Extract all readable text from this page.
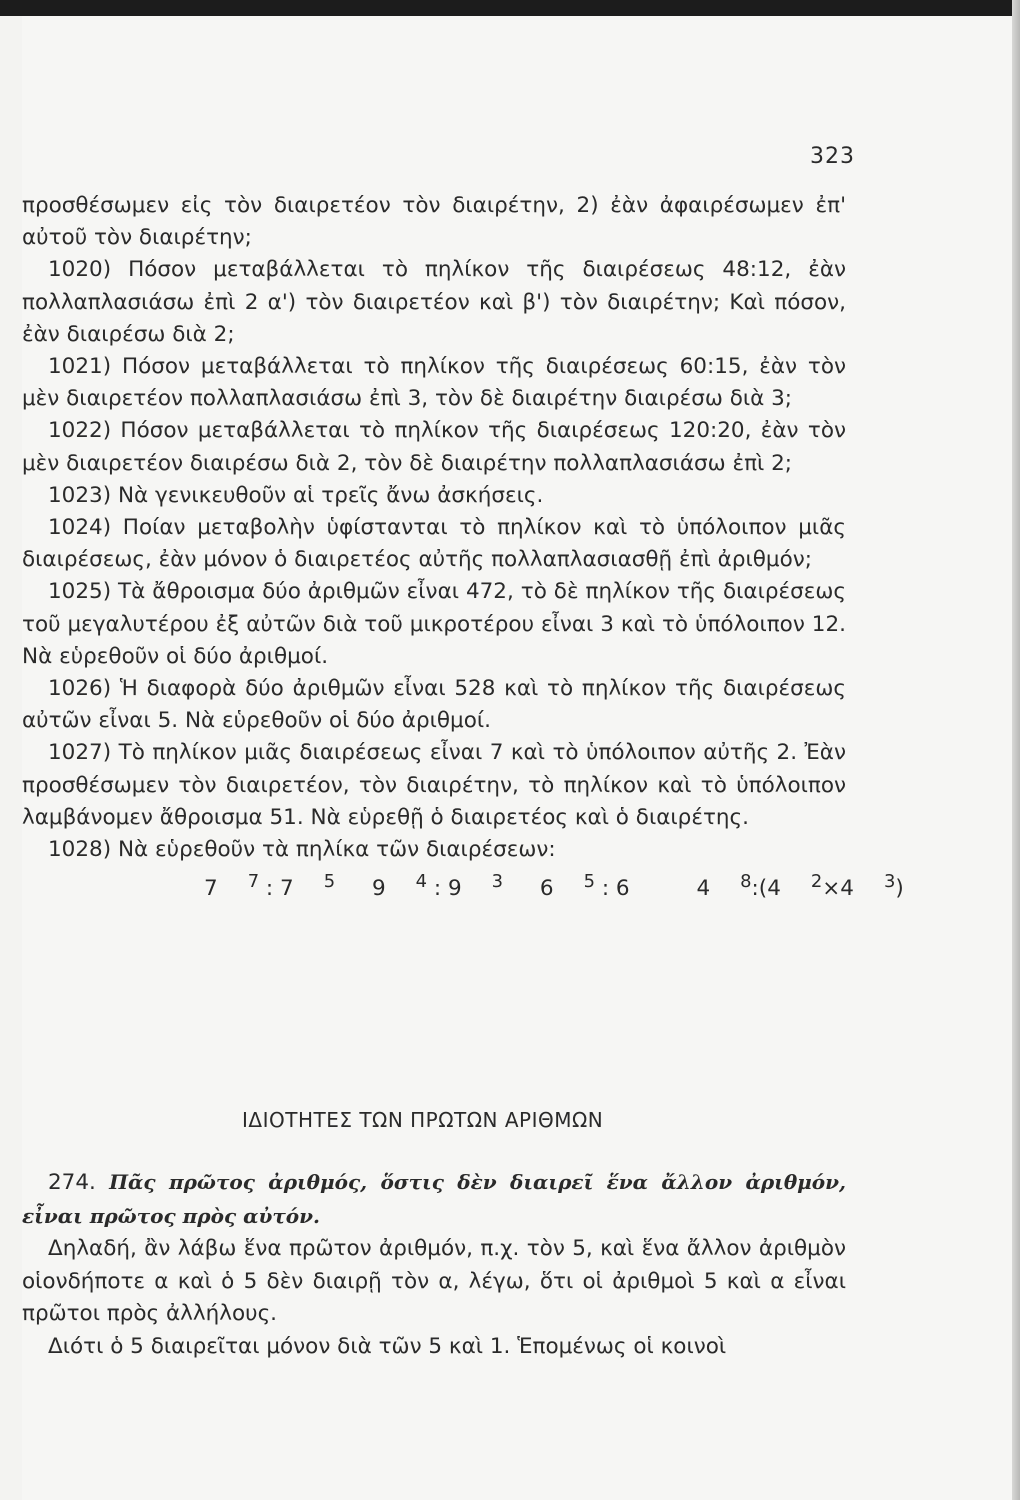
323

προσθέσωμεν εἰς τὸν διαιρετέον τὸν διαιρέτην, 2) ἐὰν ἀφαιρέσωμεν ἐπ' αὐτοῦ τὸν διαιρέτην;

1020) Πόσον μεταβάλλεται τὸ πηλίκον τῆς διαιρέσεως 48:12, ἐὰν πολλαπλασιάσω ἐπὶ 2 α') τὸν διαιρετέον καὶ β') τὸν διαιρέτην; Καὶ πόσον, ἐὰν διαιρέσω διὰ 2;

1021) Πόσον μεταβάλλεται τὸ πηλίκον τῆς διαιρέσεως 60:15, ἐὰν τὸν μὲν διαιρετέον πολλαπλασιάσω ἐπὶ 3, τὸν δὲ διαιρέτην διαιρέσω διὰ 3;

1022) Πόσον μεταβάλλεται τὸ πηλίκον τῆς διαιρέσεως 120:20, ἐὰν τὸν μὲν διαιρετέον διαιρέσω διὰ 2, τὸν δὲ διαιρέτην πολλαπλασιάσω ἐπὶ 2;

1023) Νὰ γενικευθοῦν αἱ τρεῖς ἄνω ἀσκήσεις.

1024) Ποίαν μεταβολὴν ὑφίστανται τὸ πηλίκον καὶ τὸ ὑπόλοιπον μιᾶς διαιρέσεως, ἐὰν μόνον ὁ διαιρετέος αὐτῆς πολλαπλασιασθῇ ἐπὶ ἀριθμόν;

1025) Τὰ ἄθροισμα δύο ἀριθμῶν εἶναι 472, τὸ δὲ πηλίκον τῆς διαιρέσεως τοῦ μεγαλυτέρου ἐξ αὐτῶν διὰ τοῦ μικροτέρου εἶναι 3 καὶ τὸ ὑπόλοιπον 12. Νὰ εὑρεθοῦν οἱ δύο ἀριθμοί.

1026) Ἡ διαφορὰ δύο ἀριθμῶν εἶναι 528 καὶ τὸ πηλίκον τῆς διαιρέσεως αὐτῶν εἶναι 5. Νὰ εὑρεθοῦν οἱ δύο ἀριθμοί.

1027) Τὸ πηλίκον μιᾶς διαιρέσεως εἶναι 7 καὶ τὸ ὑπόλοιπον αὐτῆς 2. Ἐὰν προσθέσωμεν τὸν διαιρετέον, τὸν διαιρέτην, τὸ πηλίκον καὶ τὸ ὑπόλοιπον λαμβάνομεν ἄθροισμα 51. Νὰ εὑρεθῇ ὁ διαιρετέος καὶ ὁ διαιρέτης.

1028) Νὰ εὑρεθοῦν τὰ πηλίκα τῶν διαιρέσεων:

7 $^7$ : 7 $^5$ 9 $^4$ : 9 $^3$ 6 $^5$ : 6	4 $^8$:(4 $^2$×4 $^3$)

ΙΔΙΟΤΗΤΕΣ ΤΩΝ ΠΡΩΤΩΝ ΑΡΙΘΜΩΝ

274. Πᾶς πρῶτος ἀριθμός, ὅστις δὲν διαιρεῖ ἕνα ἄλλον ἀριθμόν, εἶναι πρῶτος πρὸς αὐτόν.

Δηλαδή, ἂν λάβω ἕνα πρῶτον ἀριθμόν, π.χ. τὸν 5, καὶ ἕνα ἄλλον ἀριθμὸν οἱονδήποτε α καὶ ὁ 5 δὲν διαιρῇ τὸν α, λέγω, ὅτι οἱ ἀριθμοὶ 5 καὶ α εἶναι πρῶτοι πρὸς ἀλλήλους.

Διότι ὁ 5 διαιρεῖται μόνον διὰ τῶν 5 καὶ 1. Ἑπομένως οἱ κοινοὶ
